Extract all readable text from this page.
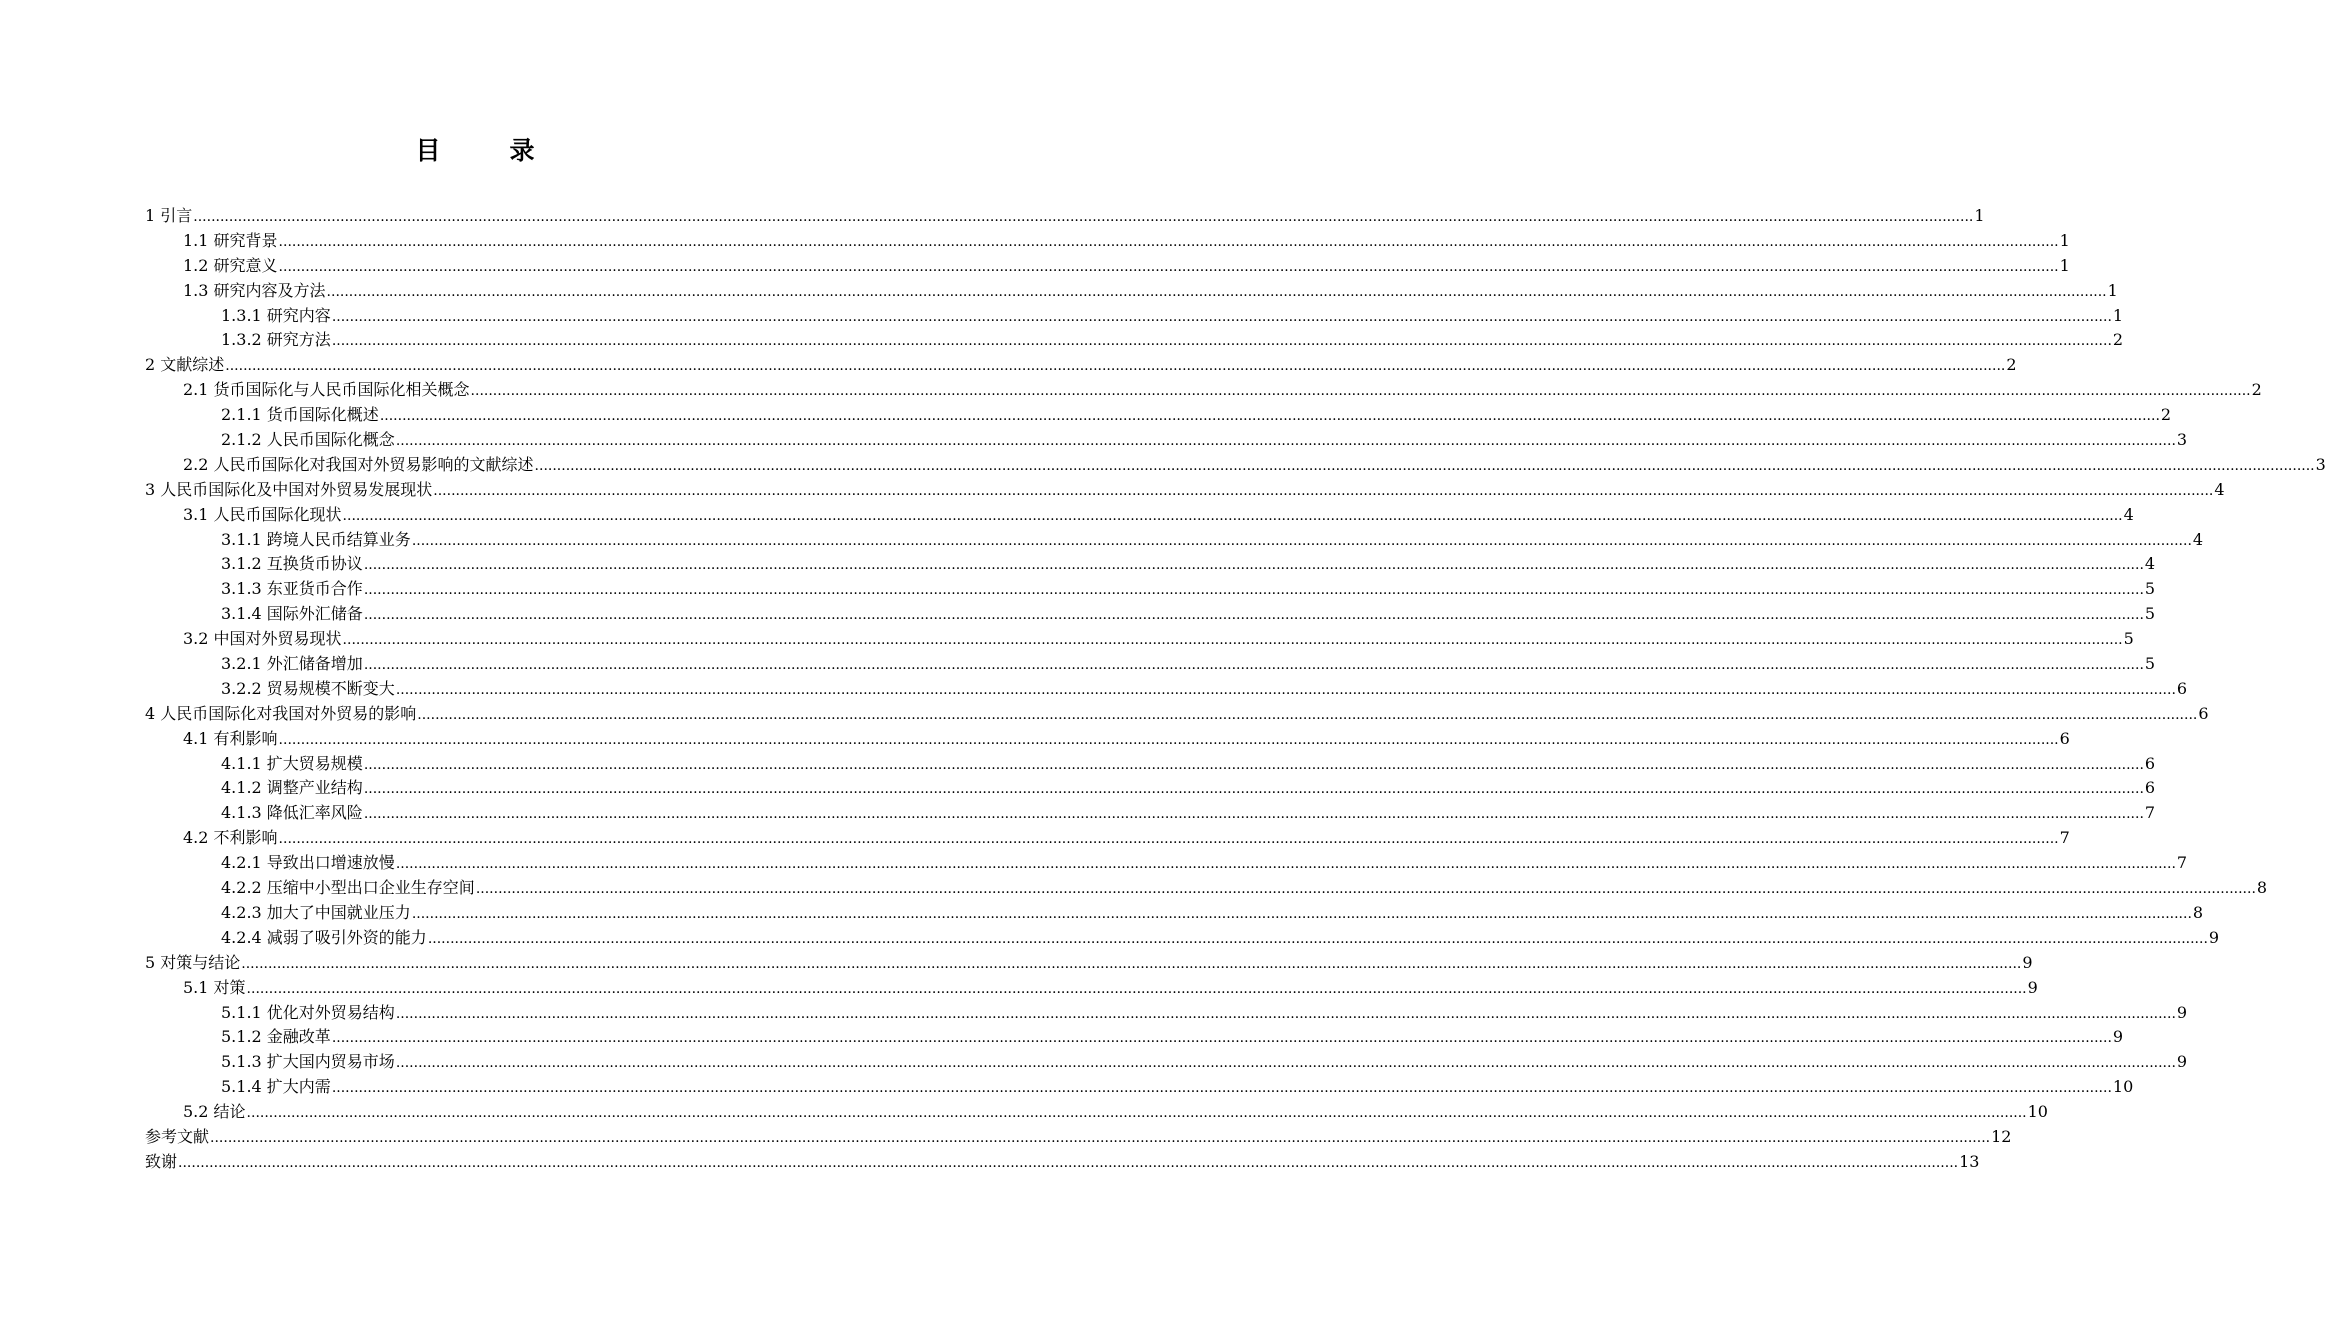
目　录
1 引言 ................................................................................................................................................................................................................................................................................................................................................................................................................ 1
1.1 研究背景 ................................................................................................................................................................................................................................................................................................................................................................................................................ 1
1.2 研究意义 ................................................................................................................................................................................................................................................................................................................................................................................................................ 1
1.3 研究内容及方法 ................................................................................................................................................................................................................................................................................................................................................................................................................ 1
1.3.1 研究内容 ................................................................................................................................................................................................................................................................................................................................................................................................................ 1
1.3.2 研究方法 ................................................................................................................................................................................................................................................................................................................................................................................................................ 2
2 文献综述 ................................................................................................................................................................................................................................................................................................................................................................................................................ 2
2.1 货币国际化与人民币国际化相关概念 ................................................................................................................................................................................................................................................................................................................................................................................................................ 2
2.1.1 货币国际化概述 ................................................................................................................................................................................................................................................................................................................................................................................................................ 2
2.1.2 人民币国际化概念 ................................................................................................................................................................................................................................................................................................................................................................................................................ 3
2.2 人民币国际化对我国对外贸易影响的文献综述 ................................................................................................................................................................................................................................................................................................................................................................................................................ 3
3 人民币国际化及中国对外贸易发展现状 ................................................................................................................................................................................................................................................................................................................................................................................................................ 4
3.1 人民币国际化现状 ................................................................................................................................................................................................................................................................................................................................................................................................................ 4
3.1.1 跨境人民币结算业务 ................................................................................................................................................................................................................................................................................................................................................................................................................ 4
3.1.2 互换货币协议 ................................................................................................................................................................................................................................................................................................................................................................................................................ 4
3.1.3 东亚货币合作 ................................................................................................................................................................................................................................................................................................................................................................................................................ 5
3.1.4 国际外汇储备 ................................................................................................................................................................................................................................................................................................................................................................................................................ 5
3.2 中国对外贸易现状 ................................................................................................................................................................................................................................................................................................................................................................................................................ 5
3.2.1 外汇储备增加 ................................................................................................................................................................................................................................................................................................................................................................................................................ 5
3.2.2 贸易规模不断变大 ................................................................................................................................................................................................................................................................................................................................................................................................................ 6
4 人民币国际化对我国对外贸易的影响 ................................................................................................................................................................................................................................................................................................................................................................................................................ 6
4.1 有利影响 ................................................................................................................................................................................................................................................................................................................................................................................................................ 6
4.1.1 扩大贸易规模 ................................................................................................................................................................................................................................................................................................................................................................................................................ 6
4.1.2 调整产业结构 ................................................................................................................................................................................................................................................................................................................................................................................................................ 6
4.1.3 降低汇率风险 ................................................................................................................................................................................................................................................................................................................................................................................................................ 7
4.2 不利影响 ................................................................................................................................................................................................................................................................................................................................................................................................................ 7
4.2.1 导致出口增速放慢 ................................................................................................................................................................................................................................................................................................................................................................................................................ 7
4.2.2 压缩中小型出口企业生存空间 ................................................................................................................................................................................................................................................................................................................................................................................................................ 8
4.2.3 加大了中国就业压力 ................................................................................................................................................................................................................................................................................................................................................................................................................ 8
4.2.4 减弱了吸引外资的能力 ................................................................................................................................................................................................................................................................................................................................................................................................................ 9
5 对策与结论 ................................................................................................................................................................................................................................................................................................................................................................................................................ 9
5.1 对策 ................................................................................................................................................................................................................................................................................................................................................................................................................ 9
5.1.1 优化对外贸易结构 ................................................................................................................................................................................................................................................................................................................................................................................................................ 9
5.1.2 金融改革 ................................................................................................................................................................................................................................................................................................................................................................................................................ 9
5.1.3 扩大国内贸易市场 ................................................................................................................................................................................................................................................................................................................................................................................................................ 9
5.1.4 扩大内需 ................................................................................................................................................................................................................................................................................................................................................................................................................ 10
5.2 结论 ................................................................................................................................................................................................................................................................................................................................................................................................................ 10
参考文献 ................................................................................................................................................................................................................................................................................................................................................................................................................ 12
致谢 ................................................................................................................................................................................................................................................................................................................................................................................................................ 13
